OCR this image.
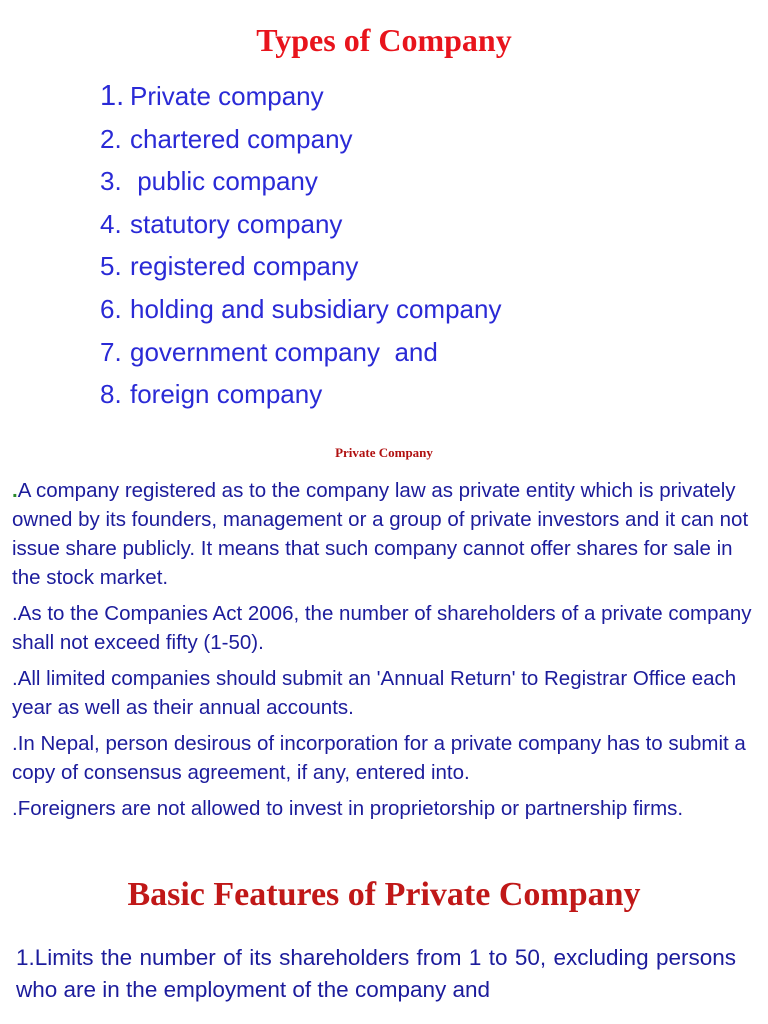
Types of Company
1. Private company
2. chartered company
3. public company
4. statutory company
5. registered company
6. holding and subsidiary company
7. government company  and
8. foreign company
Private Company

.A company registered as to the company law as private entity which is privately owned by its founders, management or a group of private investors and it can not issue share publicly. It means that such company cannot offer shares for sale in the stock market.

.As to the Companies Act 2006, the number of shareholders of a private company shall not exceed fifty (1-50).

.All limited companies should submit an 'Annual Return' to Registrar Office each year as well as their annual accounts.

.In Nepal, person desirous of incorporation for a private company has to submit a copy of consensus agreement, if any, entered into.

.Foreigners are not allowed to invest in proprietorship or partnership firms.

Basic Features of Private Company

1.Limits the number of its shareholders from 1 to 50, excluding persons who are in the employment of the company and
